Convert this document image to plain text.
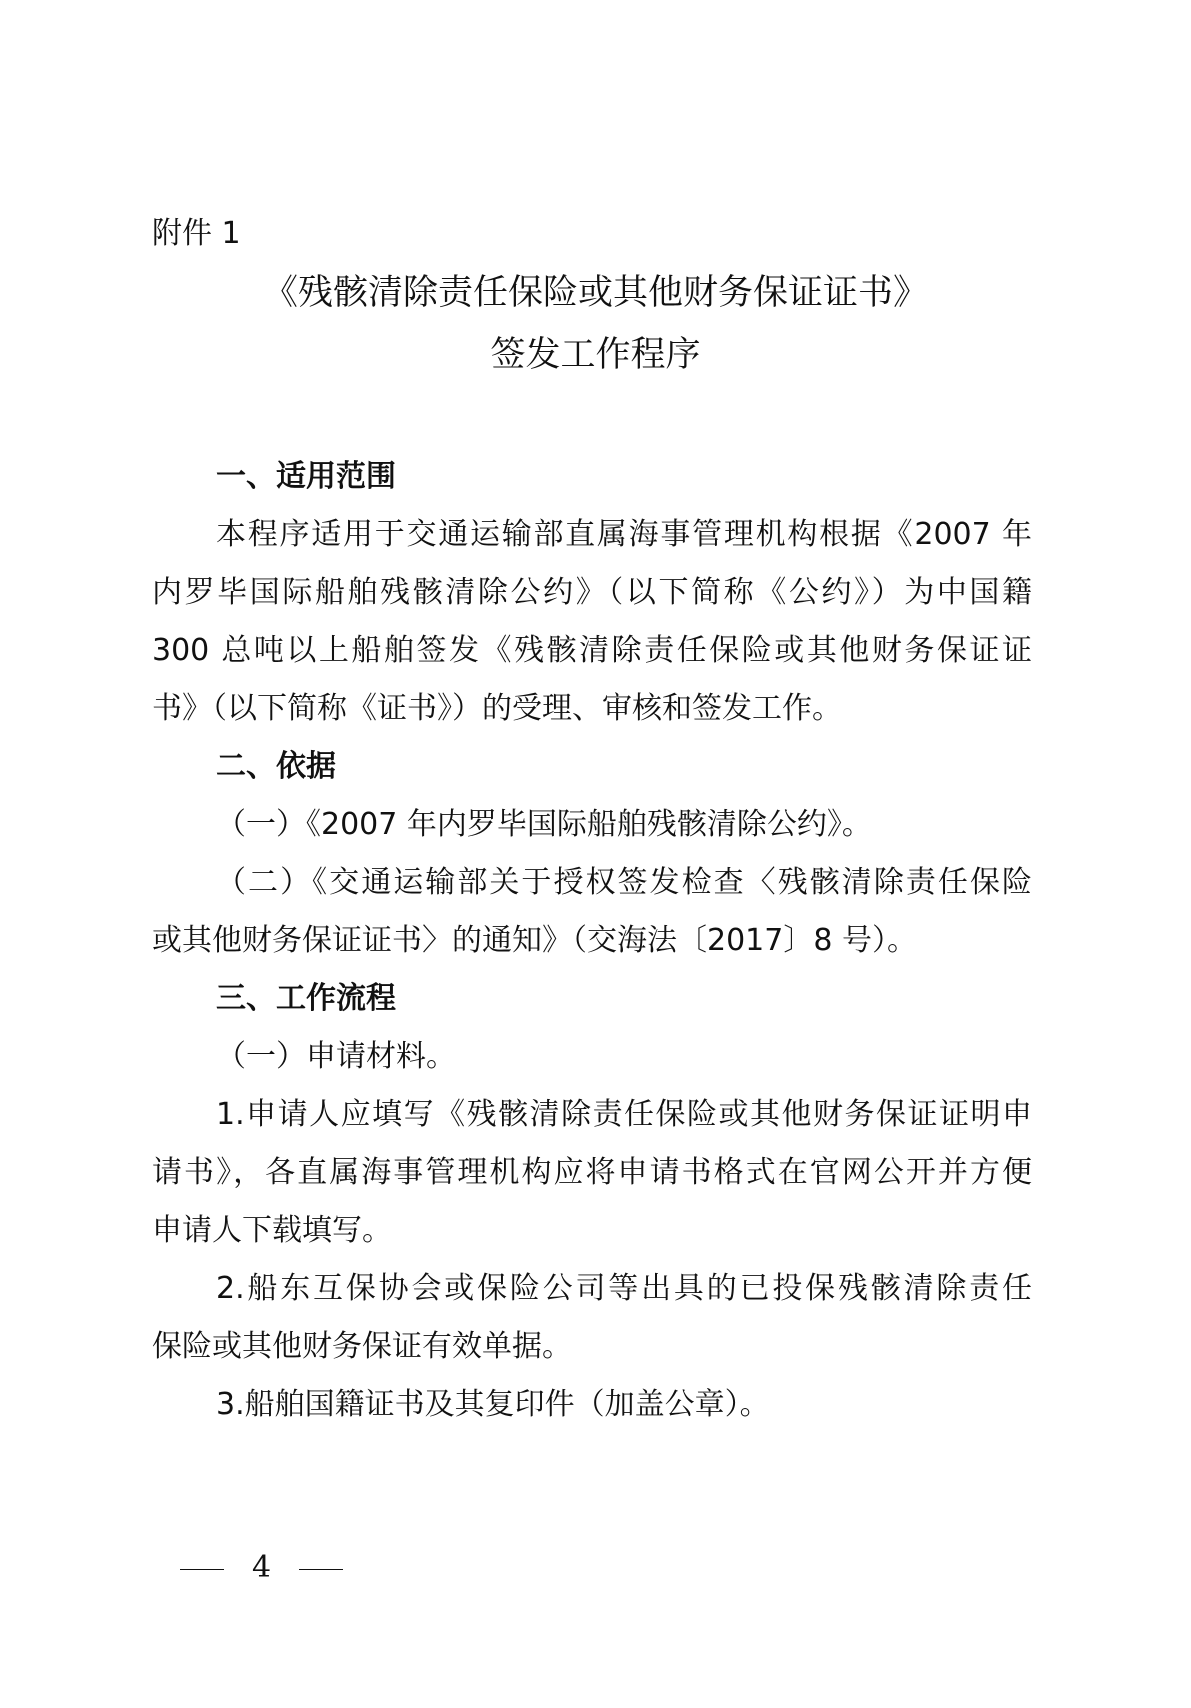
附件 1
《残骸清除责任保险或其他财务保证证书》
签发工作程序
一、适用范围
本程序适用于交通运输部直属海事管理机构根据《2007 年
内罗毕国际船舶残骸清除公约》（以下简称《公约》）为中国籍
300 总吨以上船舶签发《残骸清除责任保险或其他财务保证证
书》（以下简称《证书》）的受理、审核和签发工作。
二、依据
（一）《2007 年内罗毕国际船舶残骸清除公约》。
（二）《交通运输部关于授权签发检查〈残骸清除责任保险
或其他财务保证证书〉的通知》（交海法〔2017〕8 号）。
三、工作流程
（一）申请材料。
1.申请人应填写《残骸清除责任保险或其他财务保证证明申
请书》，各直属海事管理机构应将申请书格式在官网公开并方便
申请人下载填写。
2.船东互保协会或保险公司等出具的已投保残骸清除责任
保险或其他财务保证有效单据。
3.船舶国籍证书及其复印件（加盖公章）。
4
